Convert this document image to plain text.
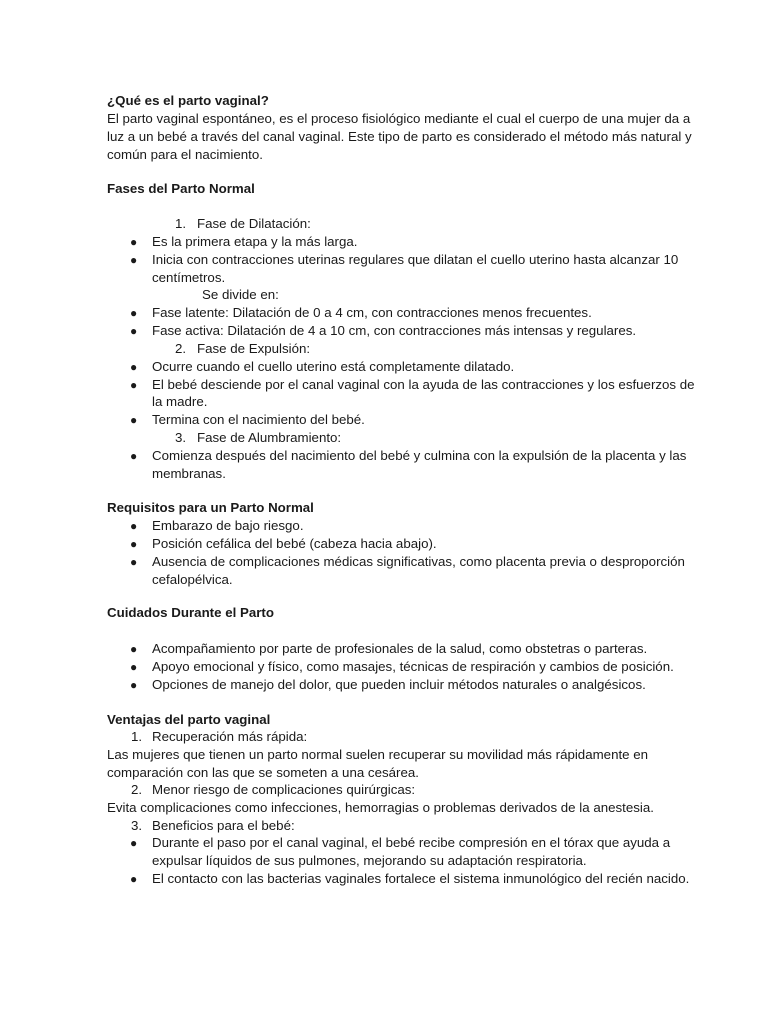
¿Qué es el parto vaginal?
El parto vaginal espontáneo, es el proceso fisiológico mediante el cual el cuerpo de una mujer da a
luz a un bebé a través del canal vaginal. Este tipo de parto es considerado el método más natural y
común para el nacimiento.
Fases del Parto Normal
1. Fase de Dilatación:
● Es la primera etapa y la más larga.
● Inicia con contracciones uterinas regulares que dilatan el cuello uterino hasta alcanzar 10
centímetros.
Se divide en:
● Fase latente: Dilatación de 0 a 4 cm, con contracciones menos frecuentes.
● Fase activa: Dilatación de 4 a 10 cm, con contracciones más intensas y regulares.
2. Fase de Expulsión:
● Ocurre cuando el cuello uterino está completamente dilatado.
● El bebé desciende por el canal vaginal con la ayuda de las contracciones y los esfuerzos de
la madre.
● Termina con el nacimiento del bebé.
3. Fase de Alumbramiento:
● Comienza después del nacimiento del bebé y culmina con la expulsión de la placenta y las
membranas.
Requisitos para un Parto Normal
● Embarazo de bajo riesgo.
● Posición cefálica del bebé (cabeza hacia abajo).
● Ausencia de complicaciones médicas significativas, como placenta previa o desproporción
cefalopélvica.
Cuidados Durante el Parto
● Acompañamiento por parte de profesionales de la salud, como obstetras o parteras.
● Apoyo emocional y físico, como masajes, técnicas de respiración y cambios de posición.
● Opciones de manejo del dolor, que pueden incluir métodos naturales o analgésicos.
Ventajas del parto vaginal
1. Recuperación más rápida:
Las mujeres que tienen un parto normal suelen recuperar su movilidad más rápidamente en
comparación con las que se someten a una cesárea.
2. Menor riesgo de complicaciones quirúrgicas:
Evita complicaciones como infecciones, hemorragias o problemas derivados de la anestesia.
3. Beneficios para el bebé:
● Durante el paso por el canal vaginal, el bebé recibe compresión en el tórax que ayuda a
expulsar líquidos de sus pulmones, mejorando su adaptación respiratoria.
● El contacto con las bacterias vaginales fortalece el sistema inmunológico del recién nacido.
